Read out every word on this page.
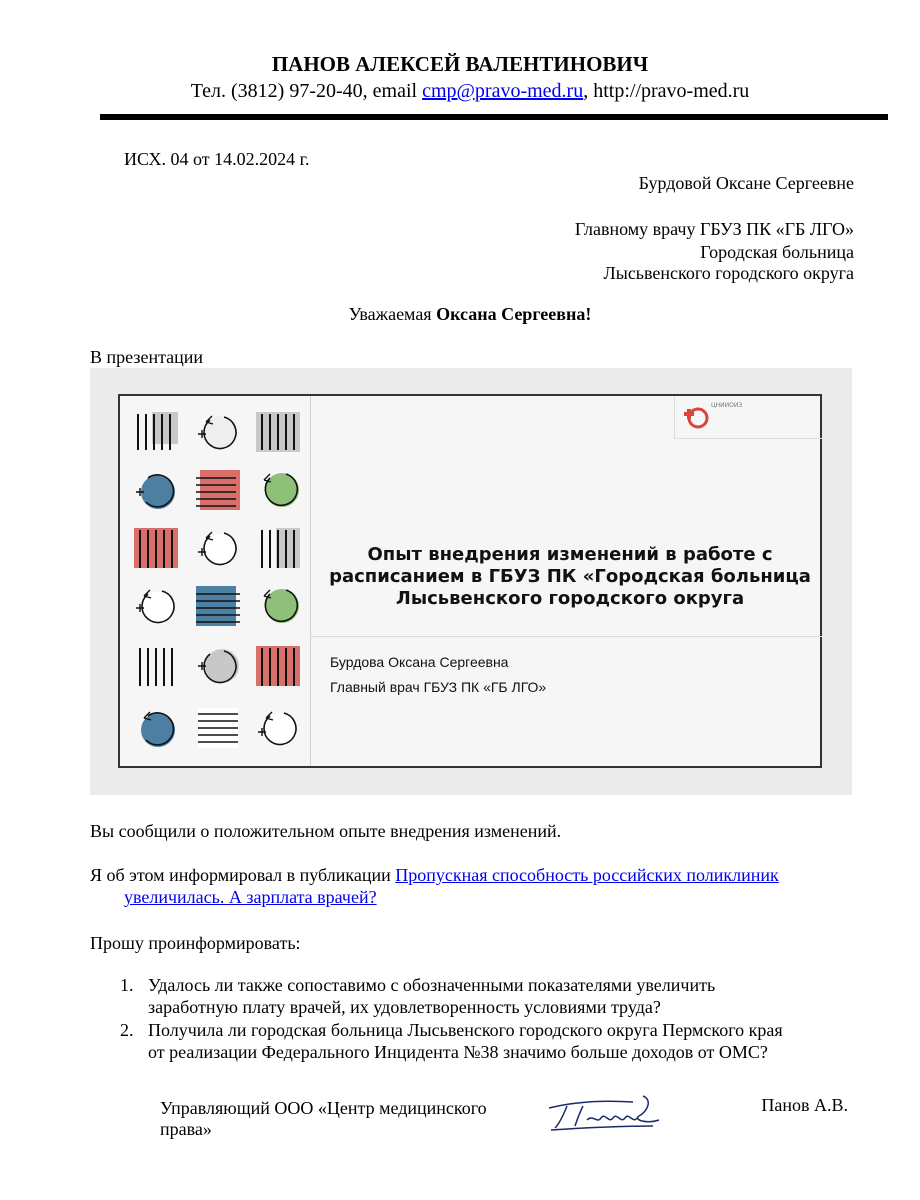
ПАНОВ АЛЕКСЕЙ ВАЛЕНТИНОВИЧ
Тел. (3812) 97-20-40, email cmp@pravo-med.ru, http://pravo-med.ru
ИСХ. 04 от 14.02.2024 г.
Бурдовой Оксане Сергеевне
Главному врачу ГБУЗ ПК «ГБ ЛГО»
Городская больница
Лысьвенского городского округа
Уважаемая Оксана Сергеевна!
В презентации
ЦНИИОИЗ
Опыт внедрения изменений в работе с расписанием в ГБУЗ ПК «Городская больница Лысьвенского городского округа
Бурдова Оксана Сергеевна
Главный врач ГБУЗ ПК «ГБ ЛГО»
Вы сообщили о положительном опыте внедрения изменений.
Я об этом информировал в публикации Пропускная способность российских поликлиник
увеличилась. А зарплата врачей?
Прошу проинформировать:
1. Удалось ли также сопоставимо с обозначенными показателями увеличить
заработную плату врачей, их удовлетворенность условиями труда?
2. Получила ли городская больница Лысьвенского городского округа Пермского края
от реализации Федерального Инцидента №38 значимо больше доходов от ОМС?
Управляющий ООО «Центр медицинского
права»
Панов А.В.
